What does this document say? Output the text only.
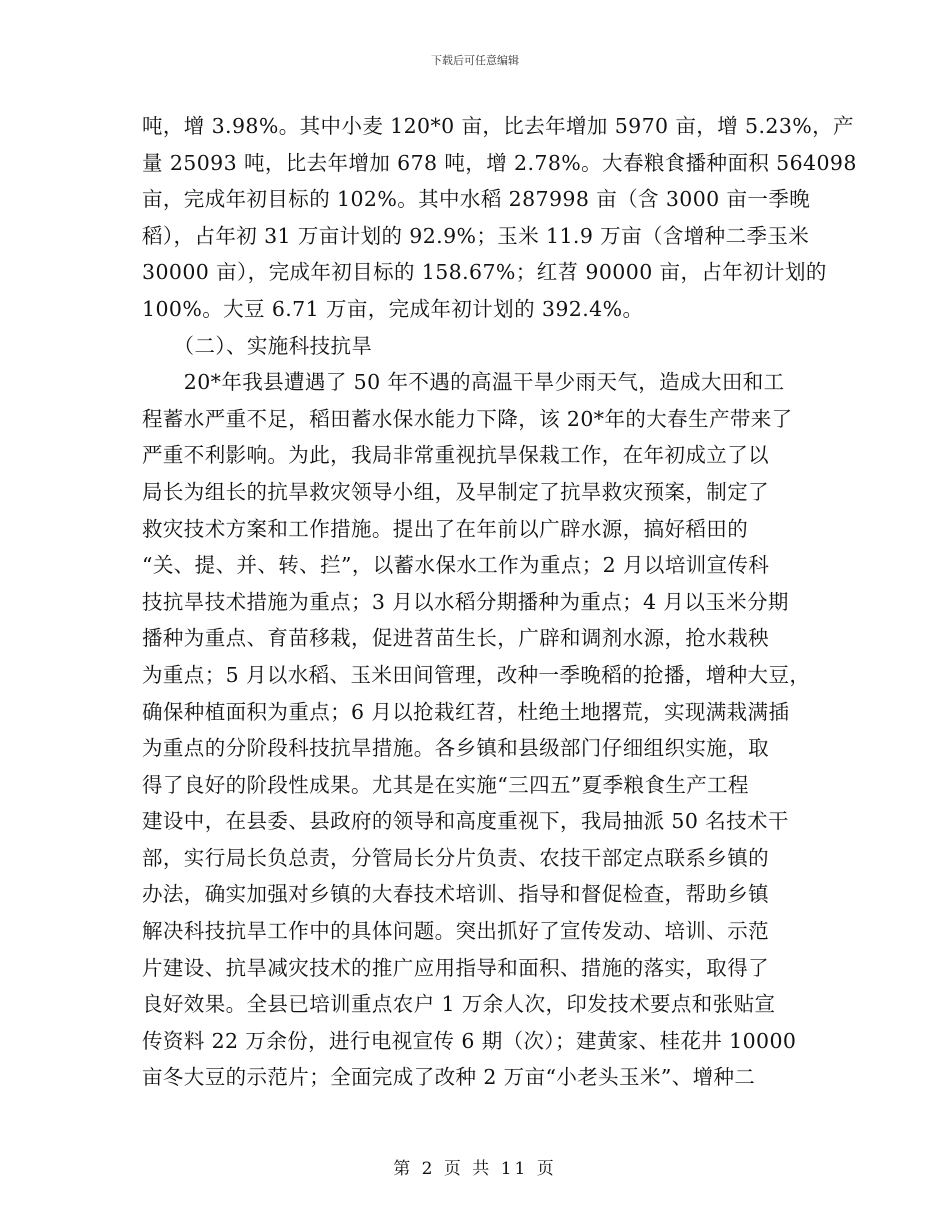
下载后可任意编辑
吨，增 3.98%。其中小麦 120*0 亩，比去年增加 5970 亩，增 5.23%，产
量 25093 吨，比去年增加 678 吨，增 2.78%。大春粮食播种面积 564098
亩，完成年初目标的 102%。其中水稻 287998 亩（含 3000 亩一季晚
稻），占年初 31 万亩计划的 92.9%；玉米 11.9 万亩（含增种二季玉米
30000 亩），完成年初目标的 158.67%；红苕 90000 亩，占年初计划的
100%。大豆 6.71 万亩，完成年初计划的 392.4%。
　　（二）、实施科技抗旱
　　20*年我县遭遇了 50 年不遇的高温干旱少雨天气，造成大田和工
程蓄水严重不足，稻田蓄水保水能力下降，该 20*年的大春生产带来了
严重不利影响。为此，我局非常重视抗旱保栽工作，在年初成立了以
局长为组长的抗旱救灾领导小组，及早制定了抗旱救灾预案，制定了
救灾技术方案和工作措施。提出了在年前以广辟水源，搞好稻田的
“关、提、并、转、拦”，以蓄水保水工作为重点；2 月以培训宣传科
技抗旱技术措施为重点；3 月以水稻分期播种为重点；4 月以玉米分期
播种为重点、育苗移栽，促进苕苗生长，广辟和调剂水源，抢水栽秧
为重点；5 月以水稻、玉米田间管理，改种一季晚稻的抢播，增种大豆，
确保种植面积为重点；6 月以抢栽红苕，杜绝土地撂荒，实现满栽满插
为重点的分阶段科技抗旱措施。各乡镇和县级部门仔细组织实施，取
得了良好的阶段性成果。尤其是在实施“三四五”夏季粮食生产工程
建设中，在县委、县政府的领导和高度重视下，我局抽派 50 名技术干
部，实行局长负总责，分管局长分片负责、农技干部定点联系乡镇的
办法，确实加强对乡镇的大春技术培训、指导和督促检查，帮助乡镇
解决科技抗旱工作中的具体问题。突出抓好了宣传发动、培训、示范
片建设、抗旱减灾技术的推广应用指导和面积、措施的落实，取得了
良好效果。全县已培训重点农户 1 万余人次，印发技术要点和张贴宣
传资料 22 万余份，进行电视宣传 6 期（次）；建黄家、桂花井 10000
亩冬大豆的示范片；全面完成了改种 2 万亩“小老头玉米”、增种二
第 2 页 共 11 页
